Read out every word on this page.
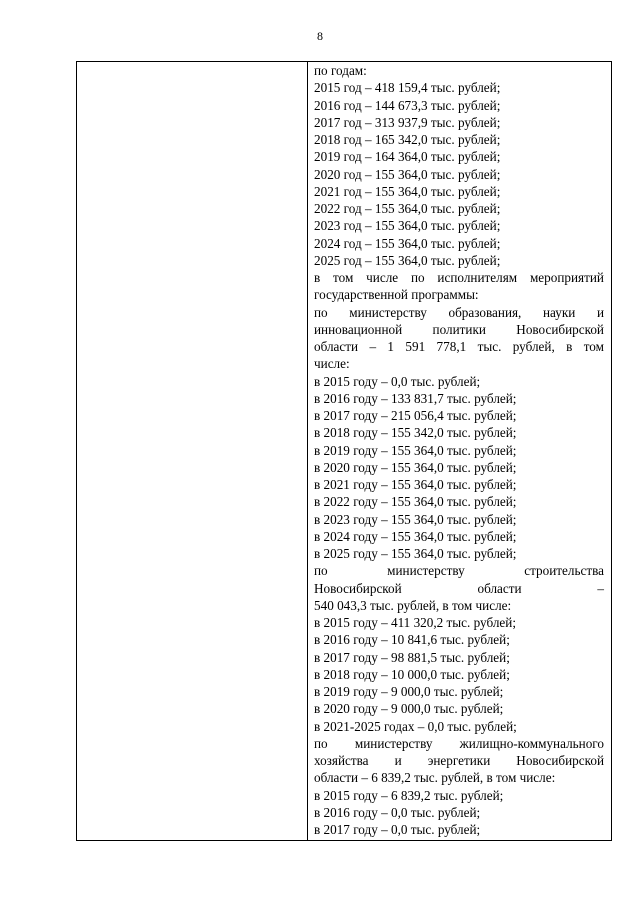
8
по годам:
2015 год – 418 159,4 тыс. рублей;
2016 год – 144 673,3 тыс. рублей;
2017 год – 313 937,9 тыс. рублей;
2018 год – 165 342,0 тыс. рублей;
2019 год – 164 364,0 тыс. рублей;
2020 год – 155 364,0 тыс. рублей;
2021 год – 155 364,0 тыс. рублей;
2022 год – 155 364,0 тыс. рублей;
2023 год – 155 364,0 тыс. рублей;
2024 год – 155 364,0 тыс. рублей;
2025 год – 155 364,0 тыс. рублей;
в том числе по исполнителям мероприятий
государственной программы:
по министерству образования, науки и
инновационной политики Новосибирской
области – 1 591 778,1 тыс. рублей, в том
числе:
в 2015 году – 0,0 тыс. рублей;
в 2016 году – 133 831,7 тыс. рублей;
в 2017 году – 215 056,4 тыс. рублей;
в 2018 году – 155 342,0 тыс. рублей;
в 2019 году – 155 364,0 тыс. рублей;
в 2020 году – 155 364,0 тыс. рублей;
в 2021 году – 155 364,0 тыс. рублей;
в 2022 году – 155 364,0 тыс. рублей;
в 2023 году – 155 364,0 тыс. рублей;
в 2024 году – 155 364,0 тыс. рублей;
в 2025 году – 155 364,0 тыс. рублей;
по министерству строительства
Новосибирской области –
540 043,3 тыс. рублей, в том числе:
в 2015 году – 411 320,2 тыс. рублей;
в 2016 году – 10 841,6 тыс. рублей;
в 2017 году – 98 881,5 тыс. рублей;
в 2018 году – 10 000,0 тыс. рублей;
в 2019 году – 9 000,0 тыс. рублей;
в 2020 году – 9 000,0 тыс. рублей;
в 2021-2025 годах – 0,0 тыс. рублей;
по министерству жилищно-коммунального
хозяйства и энергетики Новосибирской
области – 6 839,2 тыс. рублей, в том числе:
в 2015 году – 6 839,2 тыс. рублей;
в 2016 году – 0,0 тыс. рублей;
в 2017 году – 0,0 тыс. рублей;
